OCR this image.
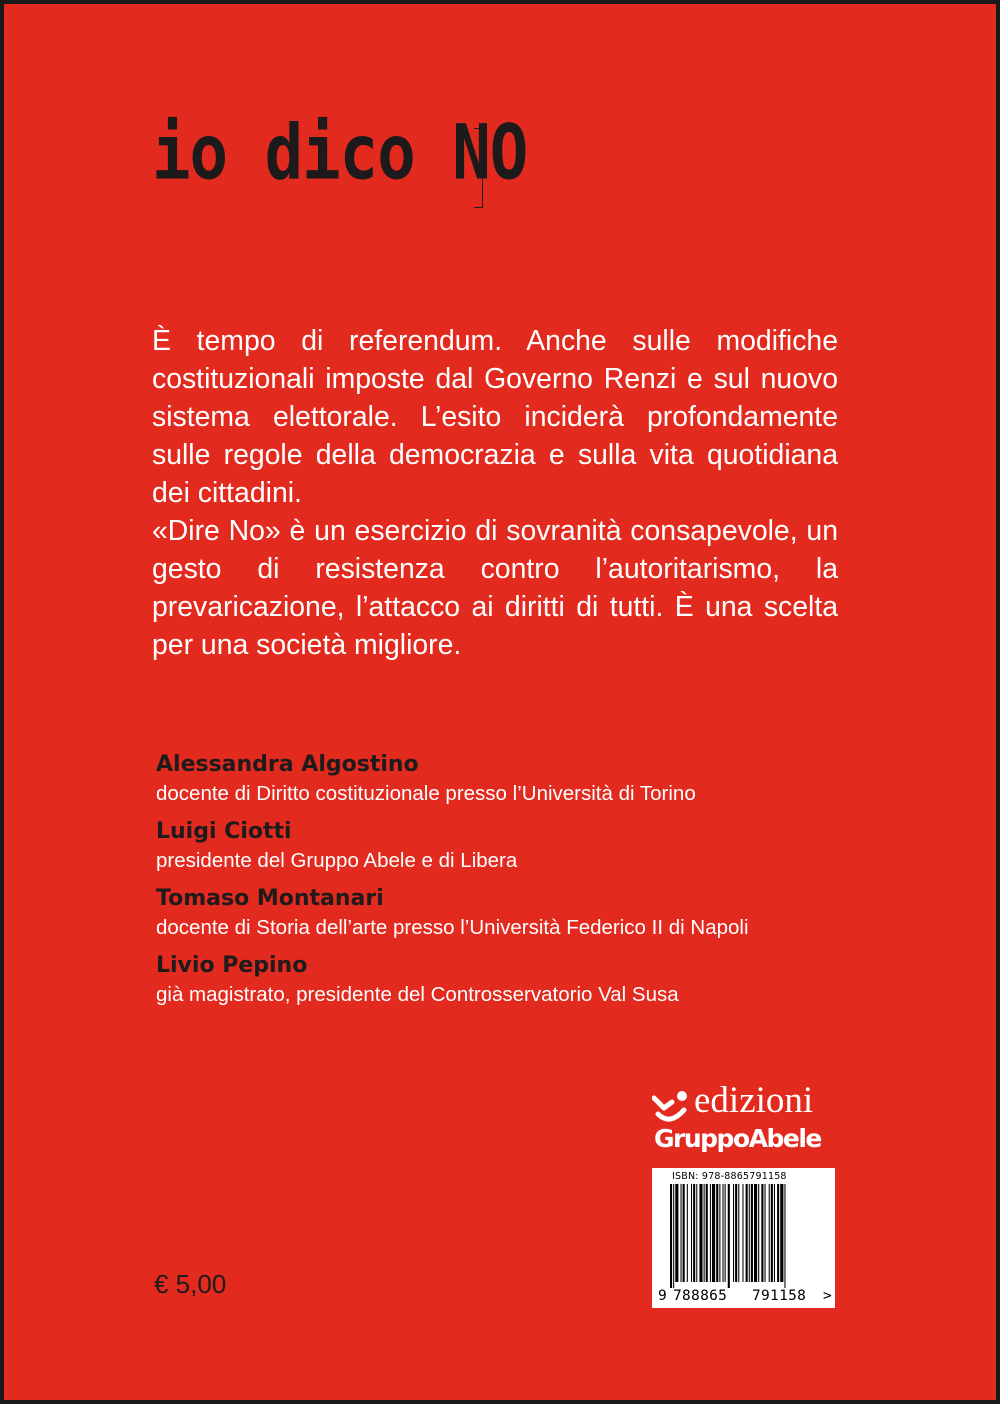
io dico NO

È tempo di referendum. Anche sulle modifiche costituzionali imposte dal Governo Renzi e sul nuovo sistema elettorale. L’esito inciderà profondamente sulle regole della democrazia e sulla vita quotidiana dei cittadini.

«Dire No» è un esercizio di sovranità consapevole, un gesto di resistenza contro l’autoritarismo, la prevaricazione, l’attacco ai diritti di tutti. È una scelta per una società migliore.

Alessandra Algostino
docente di Diritto costituzionale presso l’Università di Torino
Luigi Ciotti
presidente del Gruppo Abele e di Libera
Tomaso Montanari
docente di Storia dell’arte presso l’Università Federico II di Napoli
Livio Pepino
già magistrato, presidente del Controsservatorio Val Susa
edizioni
GruppoAbele
ISBN: 978-8865791158
9 788865 791158 >
€ 5,00
